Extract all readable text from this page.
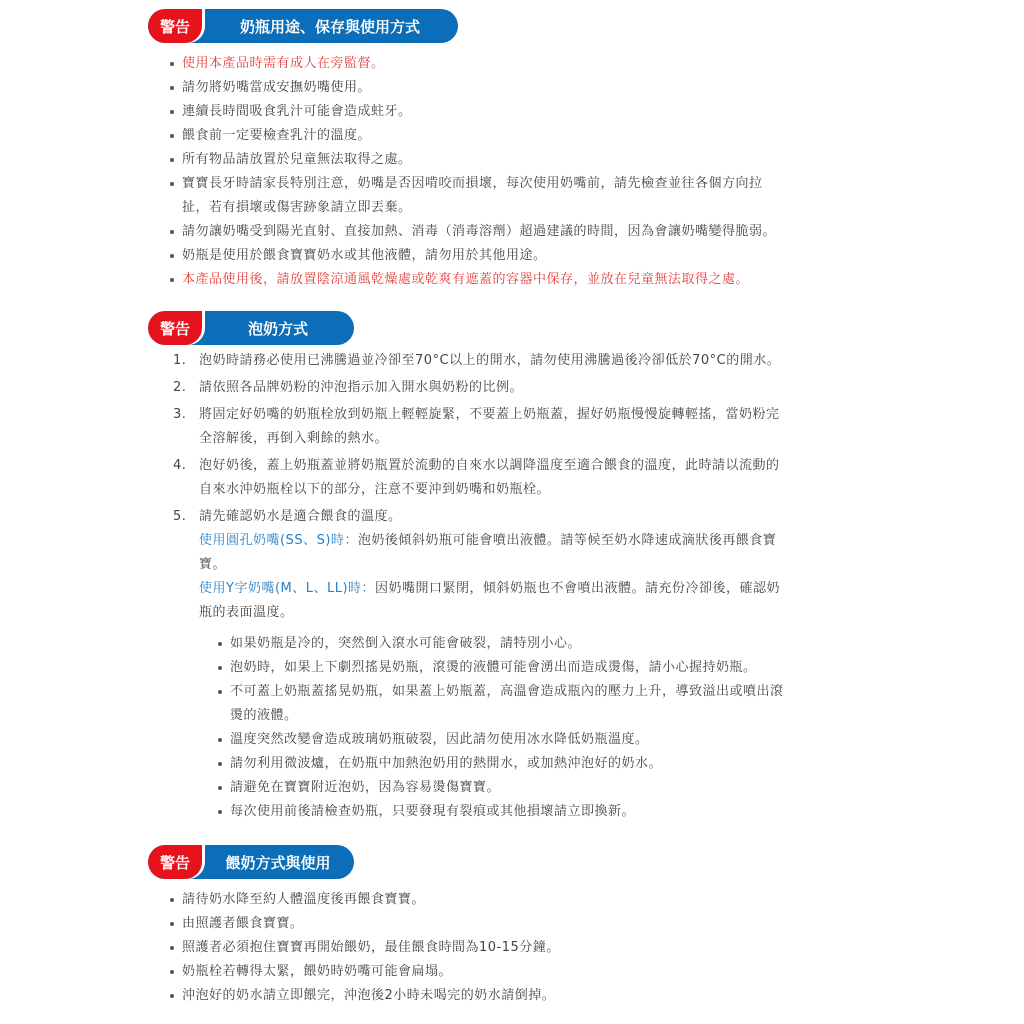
警告	奶瓶用途、保存與使用方式
使用本產品時需有成人在旁監督。
請勿將奶嘴當成安撫奶嘴使用。
連續長時間吸食乳汁可能會造成蛀牙。
餵食前一定要檢查乳汁的溫度。
所有物品請放置於兒童無法取得之處。
寶寶長牙時請家長特別注意，奶嘴是否因啃咬而損壞，每次使用奶嘴前，請先檢查並往各個方向拉
扯，若有損壞或傷害跡象請立即丟棄。
請勿讓奶嘴受到陽光直射、直接加熱、消毒（消毒溶劑）超過建議的時間，因為會讓奶嘴變得脆弱。
奶瓶是使用於餵食寶寶奶水或其他液體，請勿用於其他用途。
本產品使用後，請放置陰涼通風乾燥處或乾爽有遮蓋的容器中保存，並放在兒童無法取得之處。
警告	泡奶方式
1. 泡奶時請務必使用已沸騰過並冷卻至70°C以上的開水，請勿使用沸騰過後冷卻低於70°C的開水。
2. 請依照各品牌奶粉的沖泡指示加入開水與奶粉的比例。
3. 將固定好奶嘴的奶瓶栓放到奶瓶上輕輕旋緊，不要蓋上奶瓶蓋，握好奶瓶慢慢旋轉輕搖，當奶粉完
全溶解後，再倒入剩餘的熱水。
4. 泡好奶後，蓋上奶瓶蓋並將奶瓶置於流動的自來水以調降溫度至適合餵食的溫度，此時請以流動的
自來水沖奶瓶栓以下的部分，注意不要沖到奶嘴和奶瓶栓。
5. 請先確認奶水是適合餵食的溫度。
使用圓孔奶嘴(SS、S)時：泡奶後傾斜奶瓶可能會噴出液體。請等候至奶水降速成滴狀後再餵食寶
寶。
使用Y字奶嘴(M、L、LL)時：因奶嘴開口緊閉，傾斜奶瓶也不會噴出液體。請充份冷卻後，確認奶
瓶的表面溫度。
如果奶瓶是冷的，突然倒入滾水可能會破裂，請特別小心。
泡奶時，如果上下劇烈搖晃奶瓶，滾燙的液體可能會湧出而造成燙傷，請小心握持奶瓶。
不可蓋上奶瓶蓋搖晃奶瓶，如果蓋上奶瓶蓋，高溫會造成瓶內的壓力上升，導致溢出或噴出滾
燙的液體。
溫度突然改變會造成玻璃奶瓶破裂，因此請勿使用冰水降低奶瓶溫度。
請勿利用微波爐，在奶瓶中加熱泡奶用的熱開水，或加熱沖泡好的奶水。
請避免在寶寶附近泡奶，因為容易燙傷寶寶。
每次使用前後請檢查奶瓶，只要發現有裂痕或其他損壞請立即換新。
警告	餵奶方式與使用
請待奶水降至約人體溫度後再餵食寶寶。
由照護者餵食寶寶。
照護者必須抱住寶寶再開始餵奶，最佳餵食時間為10-15分鐘。
奶瓶栓若轉得太緊，餵奶時奶嘴可能會扁塌。
沖泡好的奶水請立即餵完，沖泡後2小時未喝完的奶水請倒掉。
